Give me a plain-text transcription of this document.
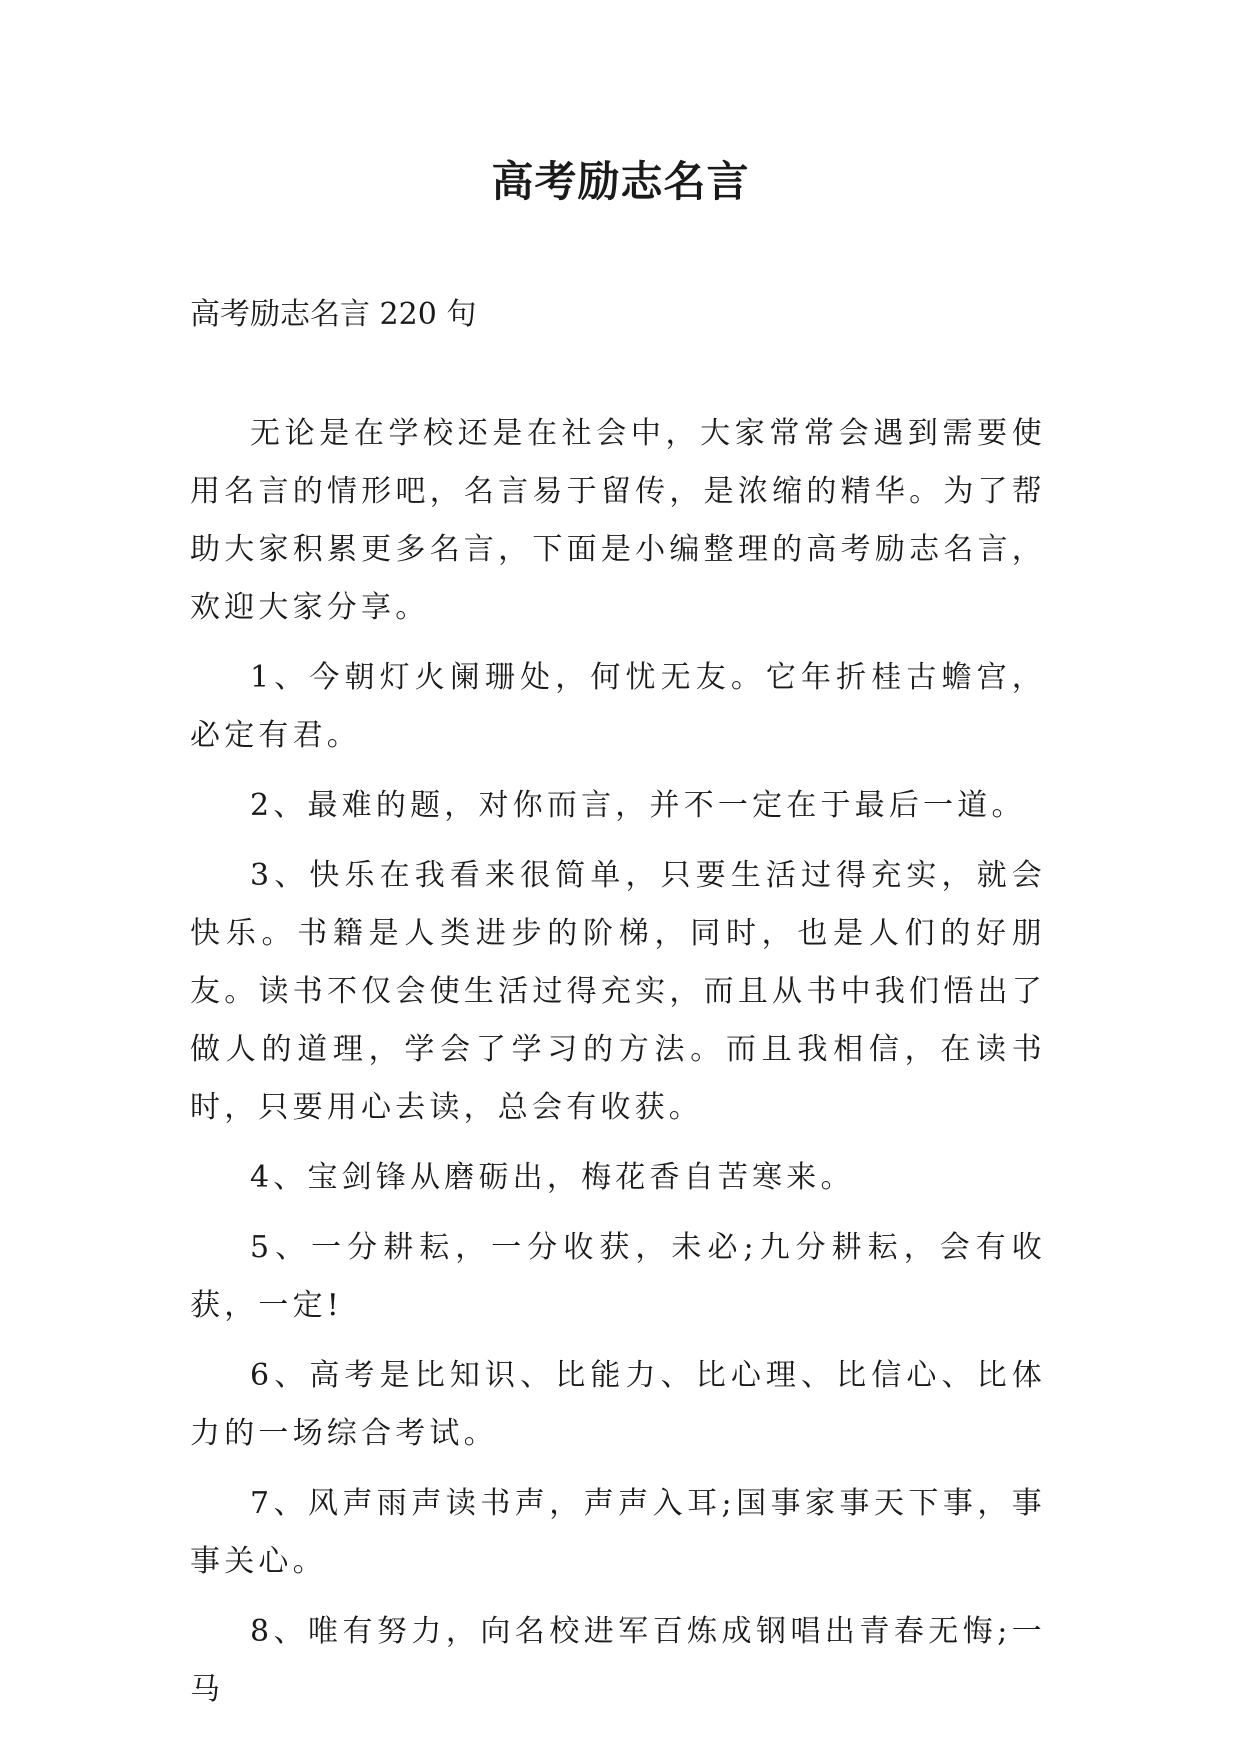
高考励志名言

高考励志名言 220 句

无论是在学校还是在社会中，大家常常会遇到需要使用名言的情形吧，名言易于留传，是浓缩的精华。为了帮助大家积累更多名言，下面是小编整理的高考励志名言，欢迎大家分享。

1、今朝灯火阑珊处，何忧无友。它年折桂古蟾宫，必定有君。

2、最难的题，对你而言，并不一定在于最后一道。

3、快乐在我看来很简单，只要生活过得充实，就会快乐。书籍是人类进步的阶梯，同时，也是人们的好朋友。读书不仅会使生活过得充实，而且从书中我们悟出了做人的道理，学会了学习的方法。而且我相信，在读书时，只要用心去读，总会有收获。

4、宝剑锋从磨砺出，梅花香自苦寒来。

5、一分耕耘，一分收获，未必;九分耕耘，会有收获，一定!

6、高考是比知识、比能力、比心理、比信心、比体力的一场综合考试。

7、风声雨声读书声，声声入耳;国事家事天下事，事事关心。

8、唯有努力，向名校进军百炼成钢唱出青春无悔;一马
